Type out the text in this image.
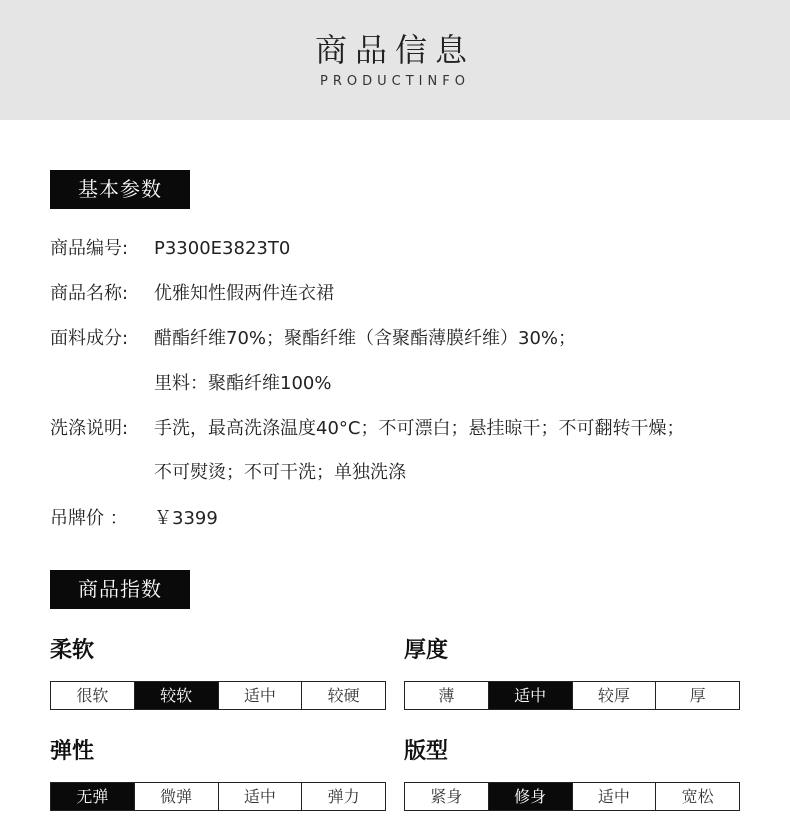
商品信息
PRODUCTINFO
基本参数
商品编号: P3300E3823T0
商品名称: 优雅知性假两件连衣裙
面料成分: 醋酯纤维70%；聚酯纤维（含聚酯薄膜纤维）30%；
里料：聚酯纤维100%
洗涤说明: 手洗，最高洗涤温度40°C；不可漂白；悬挂晾干；不可翻转干燥；
不可熨烫；不可干洗；单独洗涤
吊牌价 ： ￥3399
商品指数
柔软
很软	较软	适中	较硬
厚度
薄	适中	较厚	厚
弹性
无弹	微弹	适中	弹力
版型
紧身	修身	适中	宽松
